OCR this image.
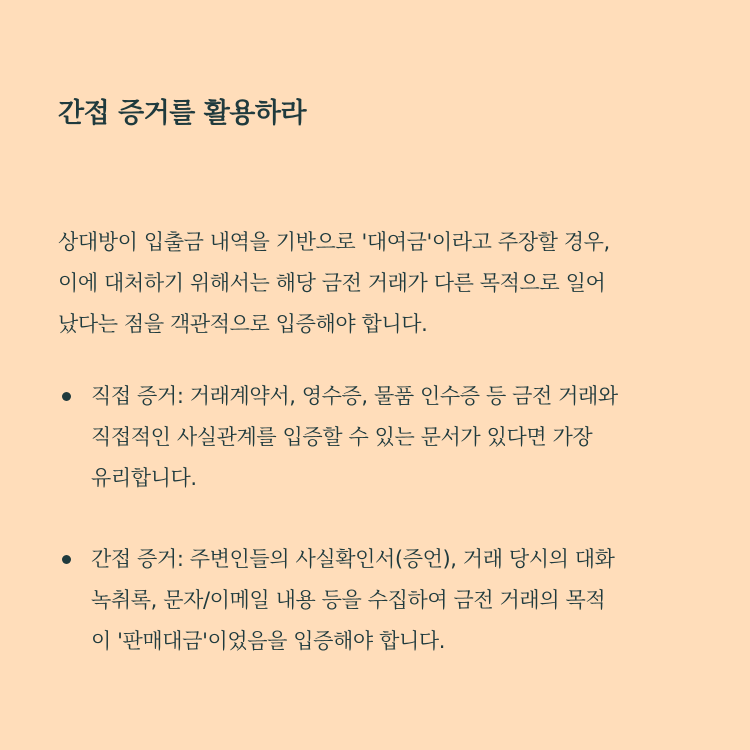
간접 증거를 활용하라

상대방이 입출금 내역을 기반으로 '대여금'이라고 주장할 경우,
이에 대처하기 위해서는 해당 금전 거래가 다른 목적으로 일어
났다는 점을 객관적으로 입증해야 합니다.

직접 증거: 거래계약서, 영수증, 물품 인수증 등 금전 거래와
직접적인 사실관계를 입증할 수 있는 문서가 있다면 가장
유리합니다.
간접 증거: 주변인들의 사실확인서(증언), 거래 당시의 대화
녹취록, 문자/이메일 내용 등을 수집하여 금전 거래의 목적
이 '판매대금'이었음을 입증해야 합니다.
